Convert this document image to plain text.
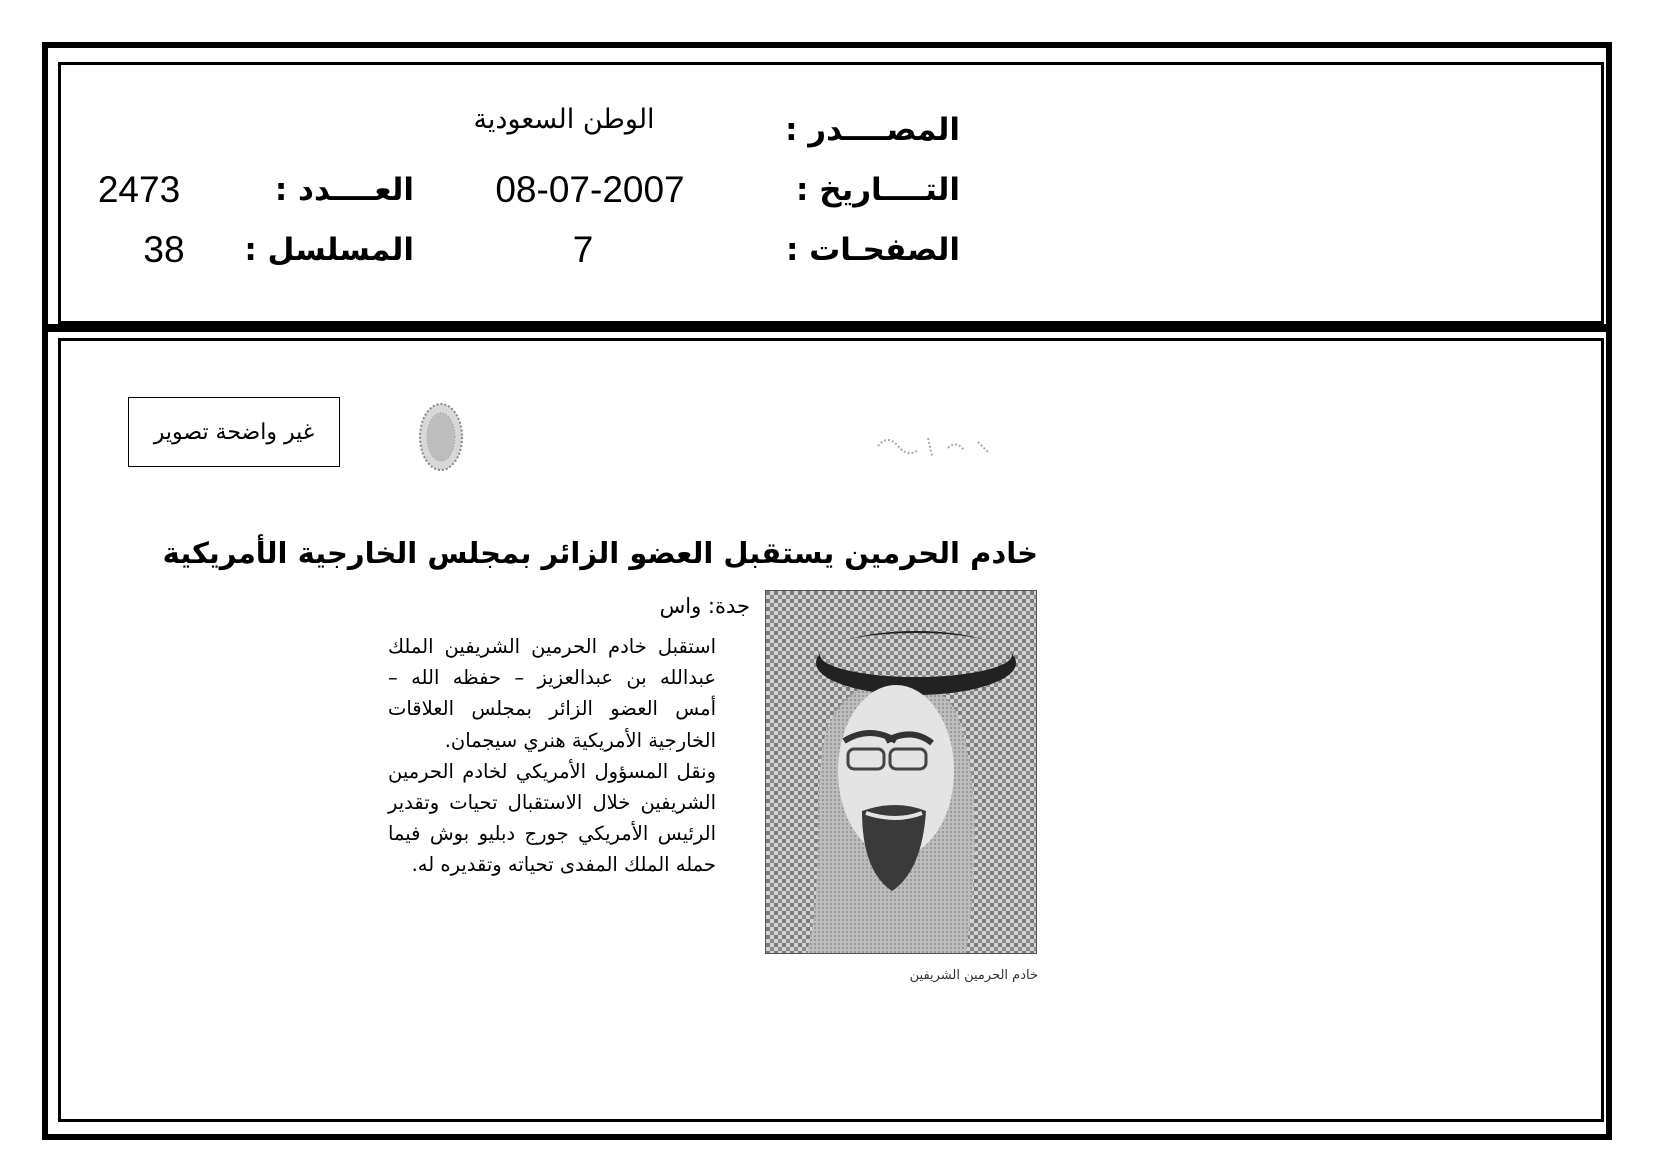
المصــــدر :
الوطن السعودية
التــــاريخ :
08-07-2007
العــــدد :
2473
الصفحـات :
7
المسلسل :
38
غير واضحة تصوير
خادم الحرمين يستقبل العضو الزائر بمجلس الخارجية الأمريكية
جدة: واس
استقبل خادم الحرمين الشريفين الملك عبدالله بن عبدالعزيز – حفظه الله – أمس العضو الزائر بمجلس العلاقات الخارجية الأمريكية هنري سيجمان.
ونقل المسؤول الأمريكي لخادم الحرمين الشريفين خلال الاستقبال تحيات وتقدير الرئيس الأمريكي جورج دبليو بوش فيما حمله الملك المفدى تحياته وتقديره له.
خادم الحرمين الشريفين
